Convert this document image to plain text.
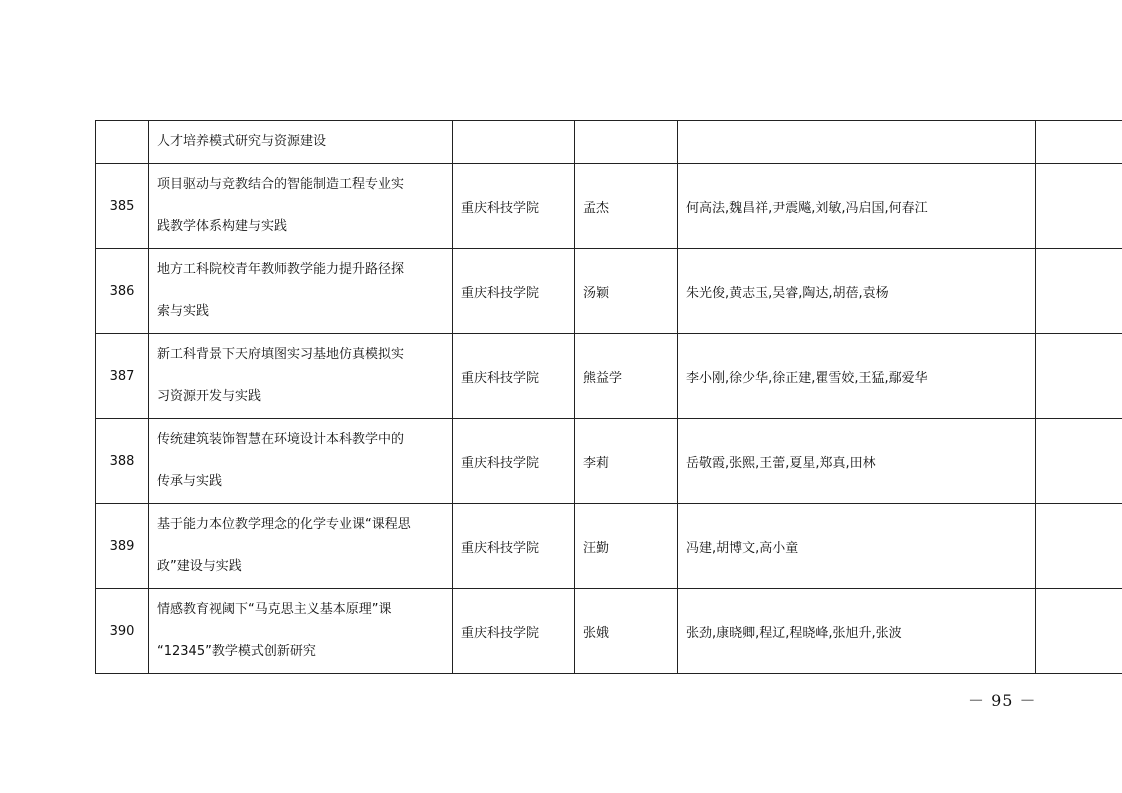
	人才培养模式研究与资源建设				

385	项目驱动与竞教结合的智能制造工程专业实
践教学体系构建与实践	重庆科技学院	孟杰	何高法,魏昌祥,尹震飚,刘敏,冯启国,何春江	
386	地方工科院校青年教师教学能力提升路径探
索与实践	重庆科技学院	汤颖	朱光俊,黄志玉,吴睿,陶达,胡蓓,袁杨	
387	新工科背景下天府填图实习基地仿真模拟实
习资源开发与实践	重庆科技学院	熊益学	李小刚,徐少华,徐正建,瞿雪姣,王猛,鄢爱华	
388	传统建筑装饰智慧在环境设计本科教学中的
传承与实践	重庆科技学院	李莉	岳敬霞,张熙,王蕾,夏星,郑真,田林	
389	基于能力本位教学理念的化学专业课“课程思
政”建设与实践	重庆科技学院	汪勤	冯建,胡博文,高小童	
390	情感教育视阈下“马克思主义基本原理”课
“12345”教学模式创新研究	重庆科技学院	张娥	张劲,康晓卿,程辽,程晓峰,张旭升,张波	
－ 95 －
